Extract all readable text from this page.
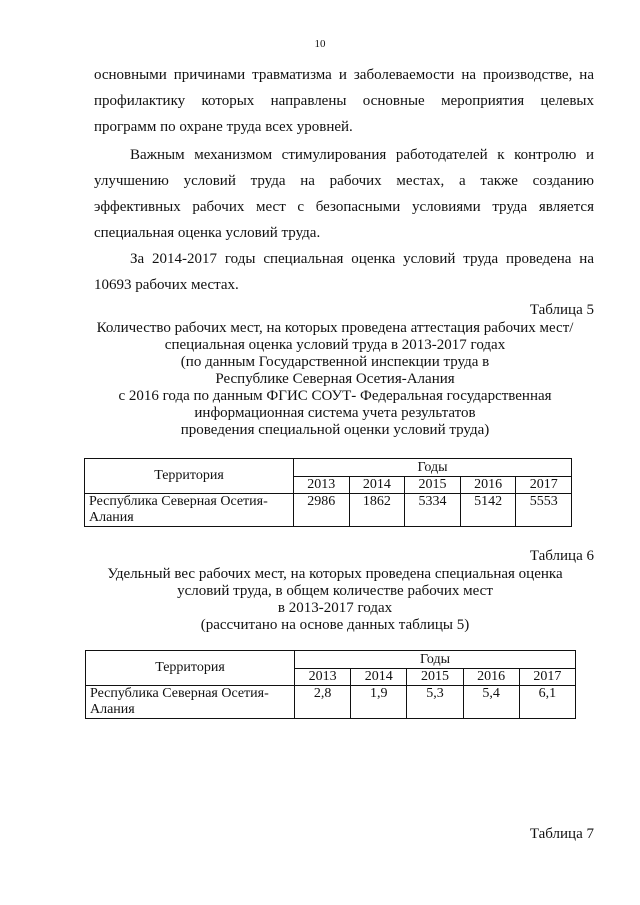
10

основными причинами травматизма и заболеваемости на производстве, на профилактику которых направлены основные мероприятия целевых программ по охране труда всех уровней.

Важным механизмом стимулирования работодателей к контролю и улучшению условий труда на рабочих местах, а также созданию эффективных рабочих мест с безопасными условиями труда является специальная оценка условий труда.

За 2014-2017 годы специальная оценка условий труда проведена на 10693 рабочих местах.

Таблица 5
Количество рабочих мест, на которых проведена аттестация рабочих мест/
специальная оценка условий труда в 2013-2017 годах
(по данным Государственной инспекции труда в
Республике Северная Осетия-Алания
с 2016 года по данным ФГИС СОУТ- Федеральная государственная
информационная система учета результатов
проведения специальной оценки условий труда)
Территория	Годы				
	2013	2014	2015	2016	2017
Республика Северная Осетия-Алания	2986	1862	5334	5142	5553
Таблица 6
Удельный вес рабочих мест, на которых проведена специальная оценка
условий труда, в общем количестве рабочих мест
в 2013-2017 годах
(рассчитано на основе данных таблицы 5)
Территория	Годы				
	2013	2014	2015	2016	2017
Республика Северная Осетия-Алания	2,8	1,9	5,3	5,4	6,1
Таблица 7
